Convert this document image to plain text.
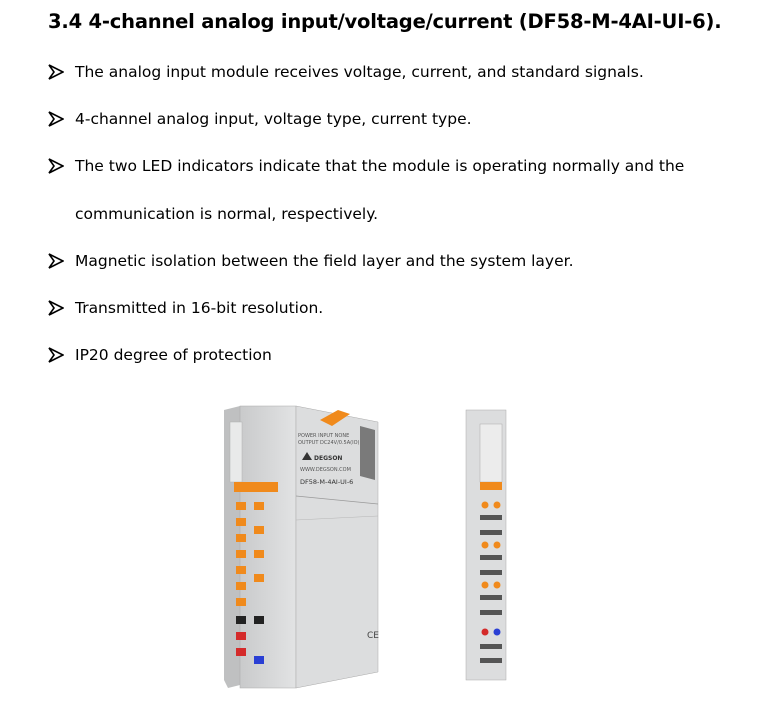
3.4 4-channel analog input/voltage/current (DF58-M-4AI-UI-6).
The analog input module receives voltage, current, and standard signals.
4-channel analog input, voltage type, current type.
The two LED indicators indicate that the module is operating normally and the
communication is normal, respectively.
Magnetic isolation between the field layer and the system layer.
Transmitted in 16-bit resolution.
IP20 degree of protection
POWER INPUT NONE
OUTPUT DC24V/0.5A(IO)
DEGSON
WWW.DEGSON.COM
DF58-M-4AI-UI-6
CE
